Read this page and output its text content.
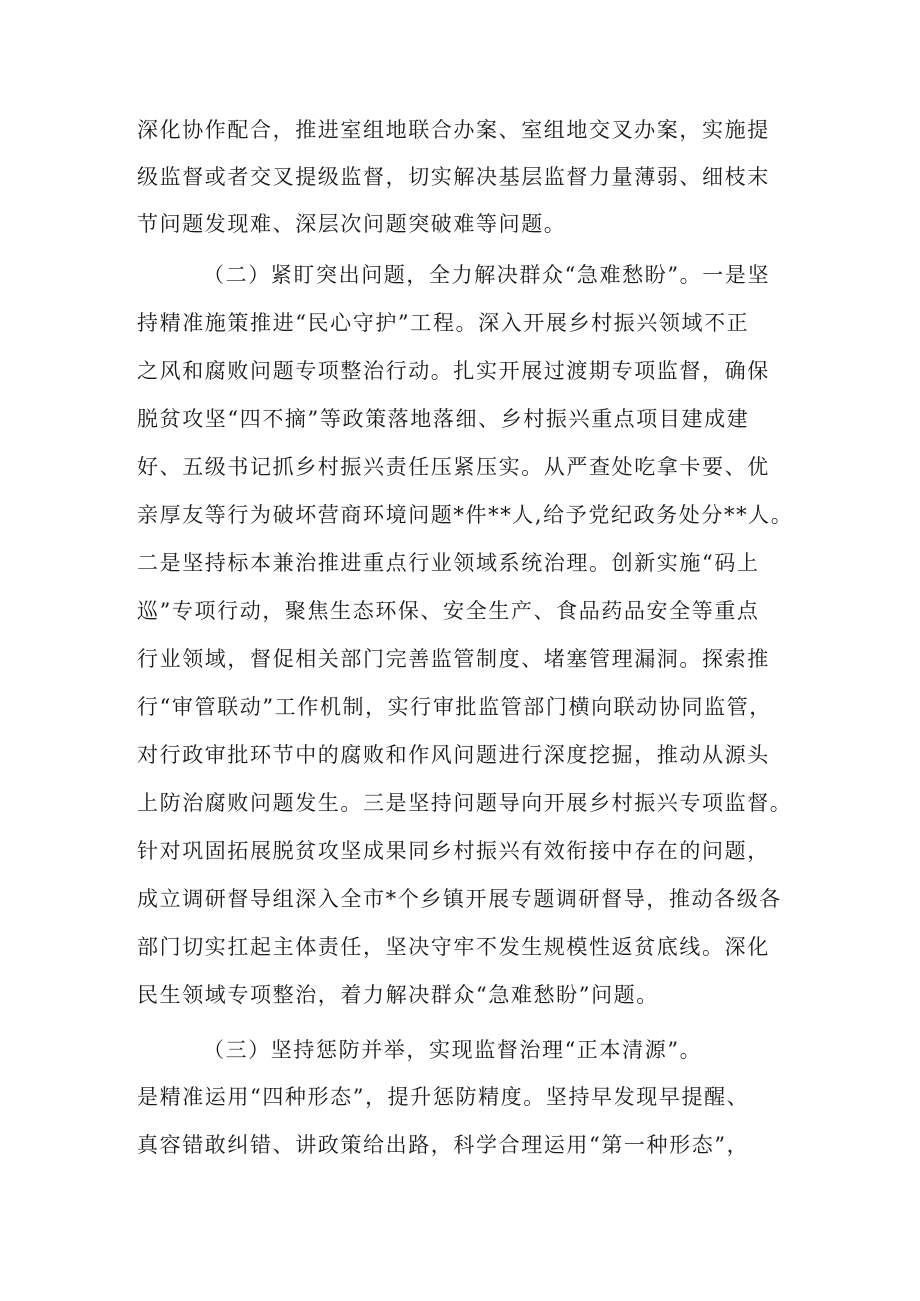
深化协作配合，推进室组地联合办案、室组地交叉办案，实施提
级监督或者交叉提级监督，切实解决基层监督力量薄弱、细枝末
节问题发现难、深层次问题突破难等问题。
（二）紧盯突出问题，全力解决群众“急难愁盼”。一是坚
持精准施策推进“民心守护”工程。深入开展乡村振兴领域不正
之风和腐败问题专项整治行动。扎实开展过渡期专项监督，确保
脱贫攻坚“四不摘”等政策落地落细、乡村振兴重点项目建成建
好、五级书记抓乡村振兴责任压紧压实。从严查处吃拿卡要、优
亲厚友等行为破坏营商环境问题*件**人,给予党纪政务处分**人。
二是坚持标本兼治推进重点行业领域系统治理。创新实施“码上
巡”专项行动，聚焦生态环保、安全生产、食品药品安全等重点
行业领域，督促相关部门完善监管制度、堵塞管理漏洞。探索推
行“审管联动”工作机制，实行审批监管部门横向联动协同监管，
对行政审批环节中的腐败和作风问题进行深度挖掘，推动从源头
上防治腐败问题发生。三是坚持问题导向开展乡村振兴专项监督。
针对巩固拓展脱贫攻坚成果同乡村振兴有效衔接中存在的问题，
成立调研督导组深入全市*个乡镇开展专题调研督导，推动各级各
部门切实扛起主体责任，坚决守牢不发生规模性返贫底线。深化
民生领域专项整治，着力解决群众“急难愁盼”问题。
（三）坚持惩防并举，实现监督治理“正本清源”。
是精准运用“四种形态”，提升惩防精度。坚持早发现早提醒、
真容错敢纠错、讲政策给出路，科学合理运用“第一种形态”，
